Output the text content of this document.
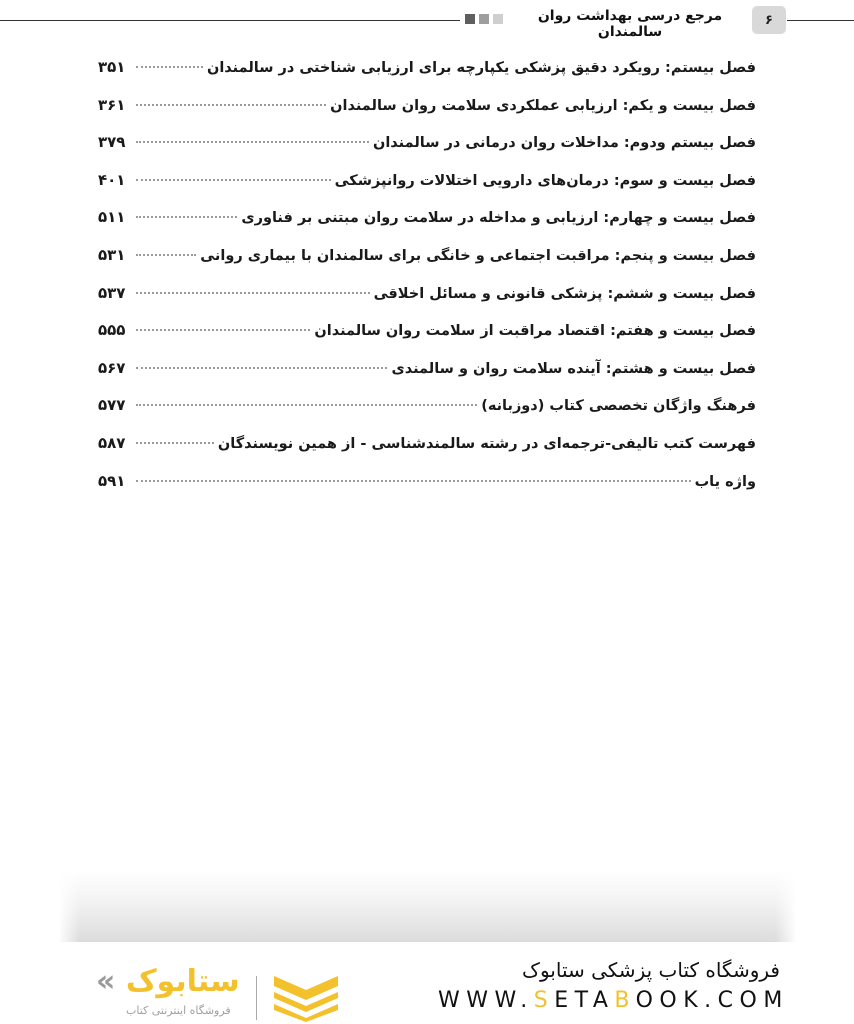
مرجع درسی بهداشت روان سالمندان
۶
فصل بیستم: رویکرد دقیق پزشکی یکپارچه برای ارزیابی شناختی در سالمندان
۳۵۱
فصل بیست و یکم: ارزیابی عملکردی سلامت روان سالمندان
۳۶۱
فصل بیستم ودوم: مداخلات روان درمانی در سالمندان
۳۷۹
فصل بیست و سوم: درمان‌های دارویی اختلالات روانپزشکی
۴۰۱
فصل بیست و چهارم: ارزیابی و مداخله در سلامت روان مبتنی بر فناوری
۵۱۱
فصل بیست و پنجم: مراقبت اجتماعی و خانگی برای سالمندان با بیماری روانی
۵۳۱
فصل بیست و ششم: پزشکی قانونی و مسائل اخلاقی
۵۳۷
فصل بیست و هفتم: اقتصاد مراقبت از سلامت روان سالمندان
۵۵۵
فصل بیست و هشتم: آینده سلامت روان و سالمندی
۵۶۷
فرهنگ واژگان تخصصی کتاب (دوزبانه)
۵۷۷
فهرست کتب تالیفی-ترجمه‌ای در رشته سالمندشناسی - از همین نویسندگان
۵۸۷
واژه یاب
۵۹۱
« ستابوک
فروشگاه اینترنتی کتاب
فروشگاه کتاب پزشکی ستابوک
WWW.SETABOOK.COM
